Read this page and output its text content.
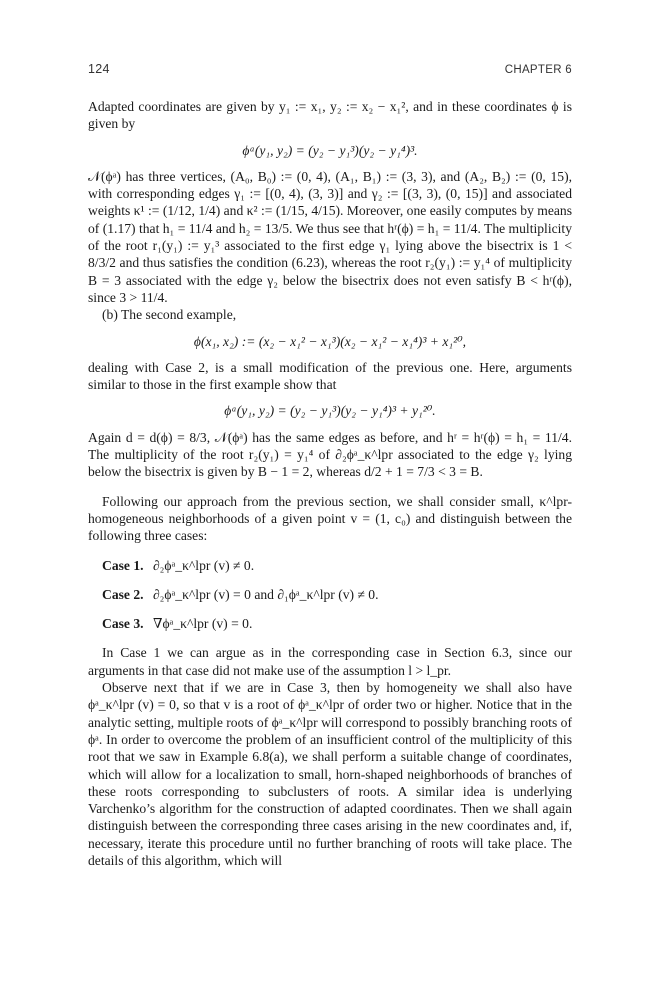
124	CHAPTER 6

Adapted coordinates are given by y₁ := x₁, y₂ := x₂ − x₁², and in these coordinates ϕ is given by

ϕᵃ(y₁, y₂) = (y₂ − y₁³)(y₂ − y₁⁴)³.

𝒩(ϕᵃ) has three vertices, (A₀, B₀) := (0, 4), (A₁, B₁) := (3, 3), and (A₂, B₂) := (0, 15), with corresponding edges γ₁ := [(0, 4), (3, 3)] and γ₂ := [(3, 3), (0, 15)] and associated weights κ¹ := (1/12, 1/4) and κ² := (1/15, 4/15). Moreover, one easily computes by means of (1.17) that h₁ = 11/4 and h₂ = 13/5. We thus see that hʳ(ϕ) = h₁ = 11/4. The multiplicity of the root r₁(y₁) := y₁³ associated to the first edge γ₁ lying above the bisectrix is 1 < 8/3/2 and thus satisfies the condition (6.23), whereas the root r₂(y₁) := y₁⁴ of multiplicity B = 3 associated with the edge γ₂ below the bisectrix does not even satisfy B < hʳ(ϕ), since 3 > 11/4.

(b) The second example,

ϕ(x₁, x₂) := (x₂ − x₁² − x₁³)(x₂ − x₁² − x₁⁴)³ + x₁²⁰,

dealing with Case 2, is a small modification of the previous one. Here, arguments similar to those in the first example show that

ϕᵃ(y₁, y₂) = (y₂ − y₁³)(y₂ − y₁⁴)³ + y₁²⁰.

Again d = d(ϕ) = 8/3, 𝒩(ϕᵃ) has the same edges as before, and hʳ = hʳ(ϕ) = h₁ = 11/4. The multiplicity of the root r₂(y₁) = y₁⁴ of ∂₂ϕᵃ_κ^lpr associated to the edge γ₂ lying below the bisectrix is given by B − 1 = 2, whereas d/2 + 1 = 7/3 < 3 = B.

Following our approach from the previous section, we shall consider small, κ^lpr-homogeneous neighborhoods of a given point v = (1, c₀) and distinguish between the following three cases:

Case 1. ∂₂ϕᵃ_κ^lpr (v) ≠ 0.
Case 2. ∂₂ϕᵃ_κ^lpr (v) = 0 and ∂₁ϕᵃ_κ^lpr (v) ≠ 0.
Case 3. ∇ϕᵃ_κ^lpr (v) = 0.

In Case 1 we can argue as in the corresponding case in Section 6.3, since our arguments in that case did not make use of the assumption l > l_pr.

Observe next that if we are in Case 3, then by homogeneity we shall also have ϕᵃ_κ^lpr (v) = 0, so that v is a root of ϕᵃ_κ^lpr of order two or higher. Notice that in the analytic setting, multiple roots of ϕᵃ_κ^lpr will correspond to possibly branching roots of ϕᵃ. In order to overcome the problem of an insufficient control of the multiplicity of this root that we saw in Example 6.8(a), we shall perform a suitable change of coordinates, which will allow for a localization to small, horn-shaped neighborhoods of branches of these roots corresponding to subclusters of roots. A similar idea is underlying Varchenko’s algorithm for the construction of adapted coordinates. Then we shall again distinguish between the corresponding three cases arising in the new coordinates and, if, necessary, iterate this procedure until no further branching of roots will take place. The details of this algorithm, which will
